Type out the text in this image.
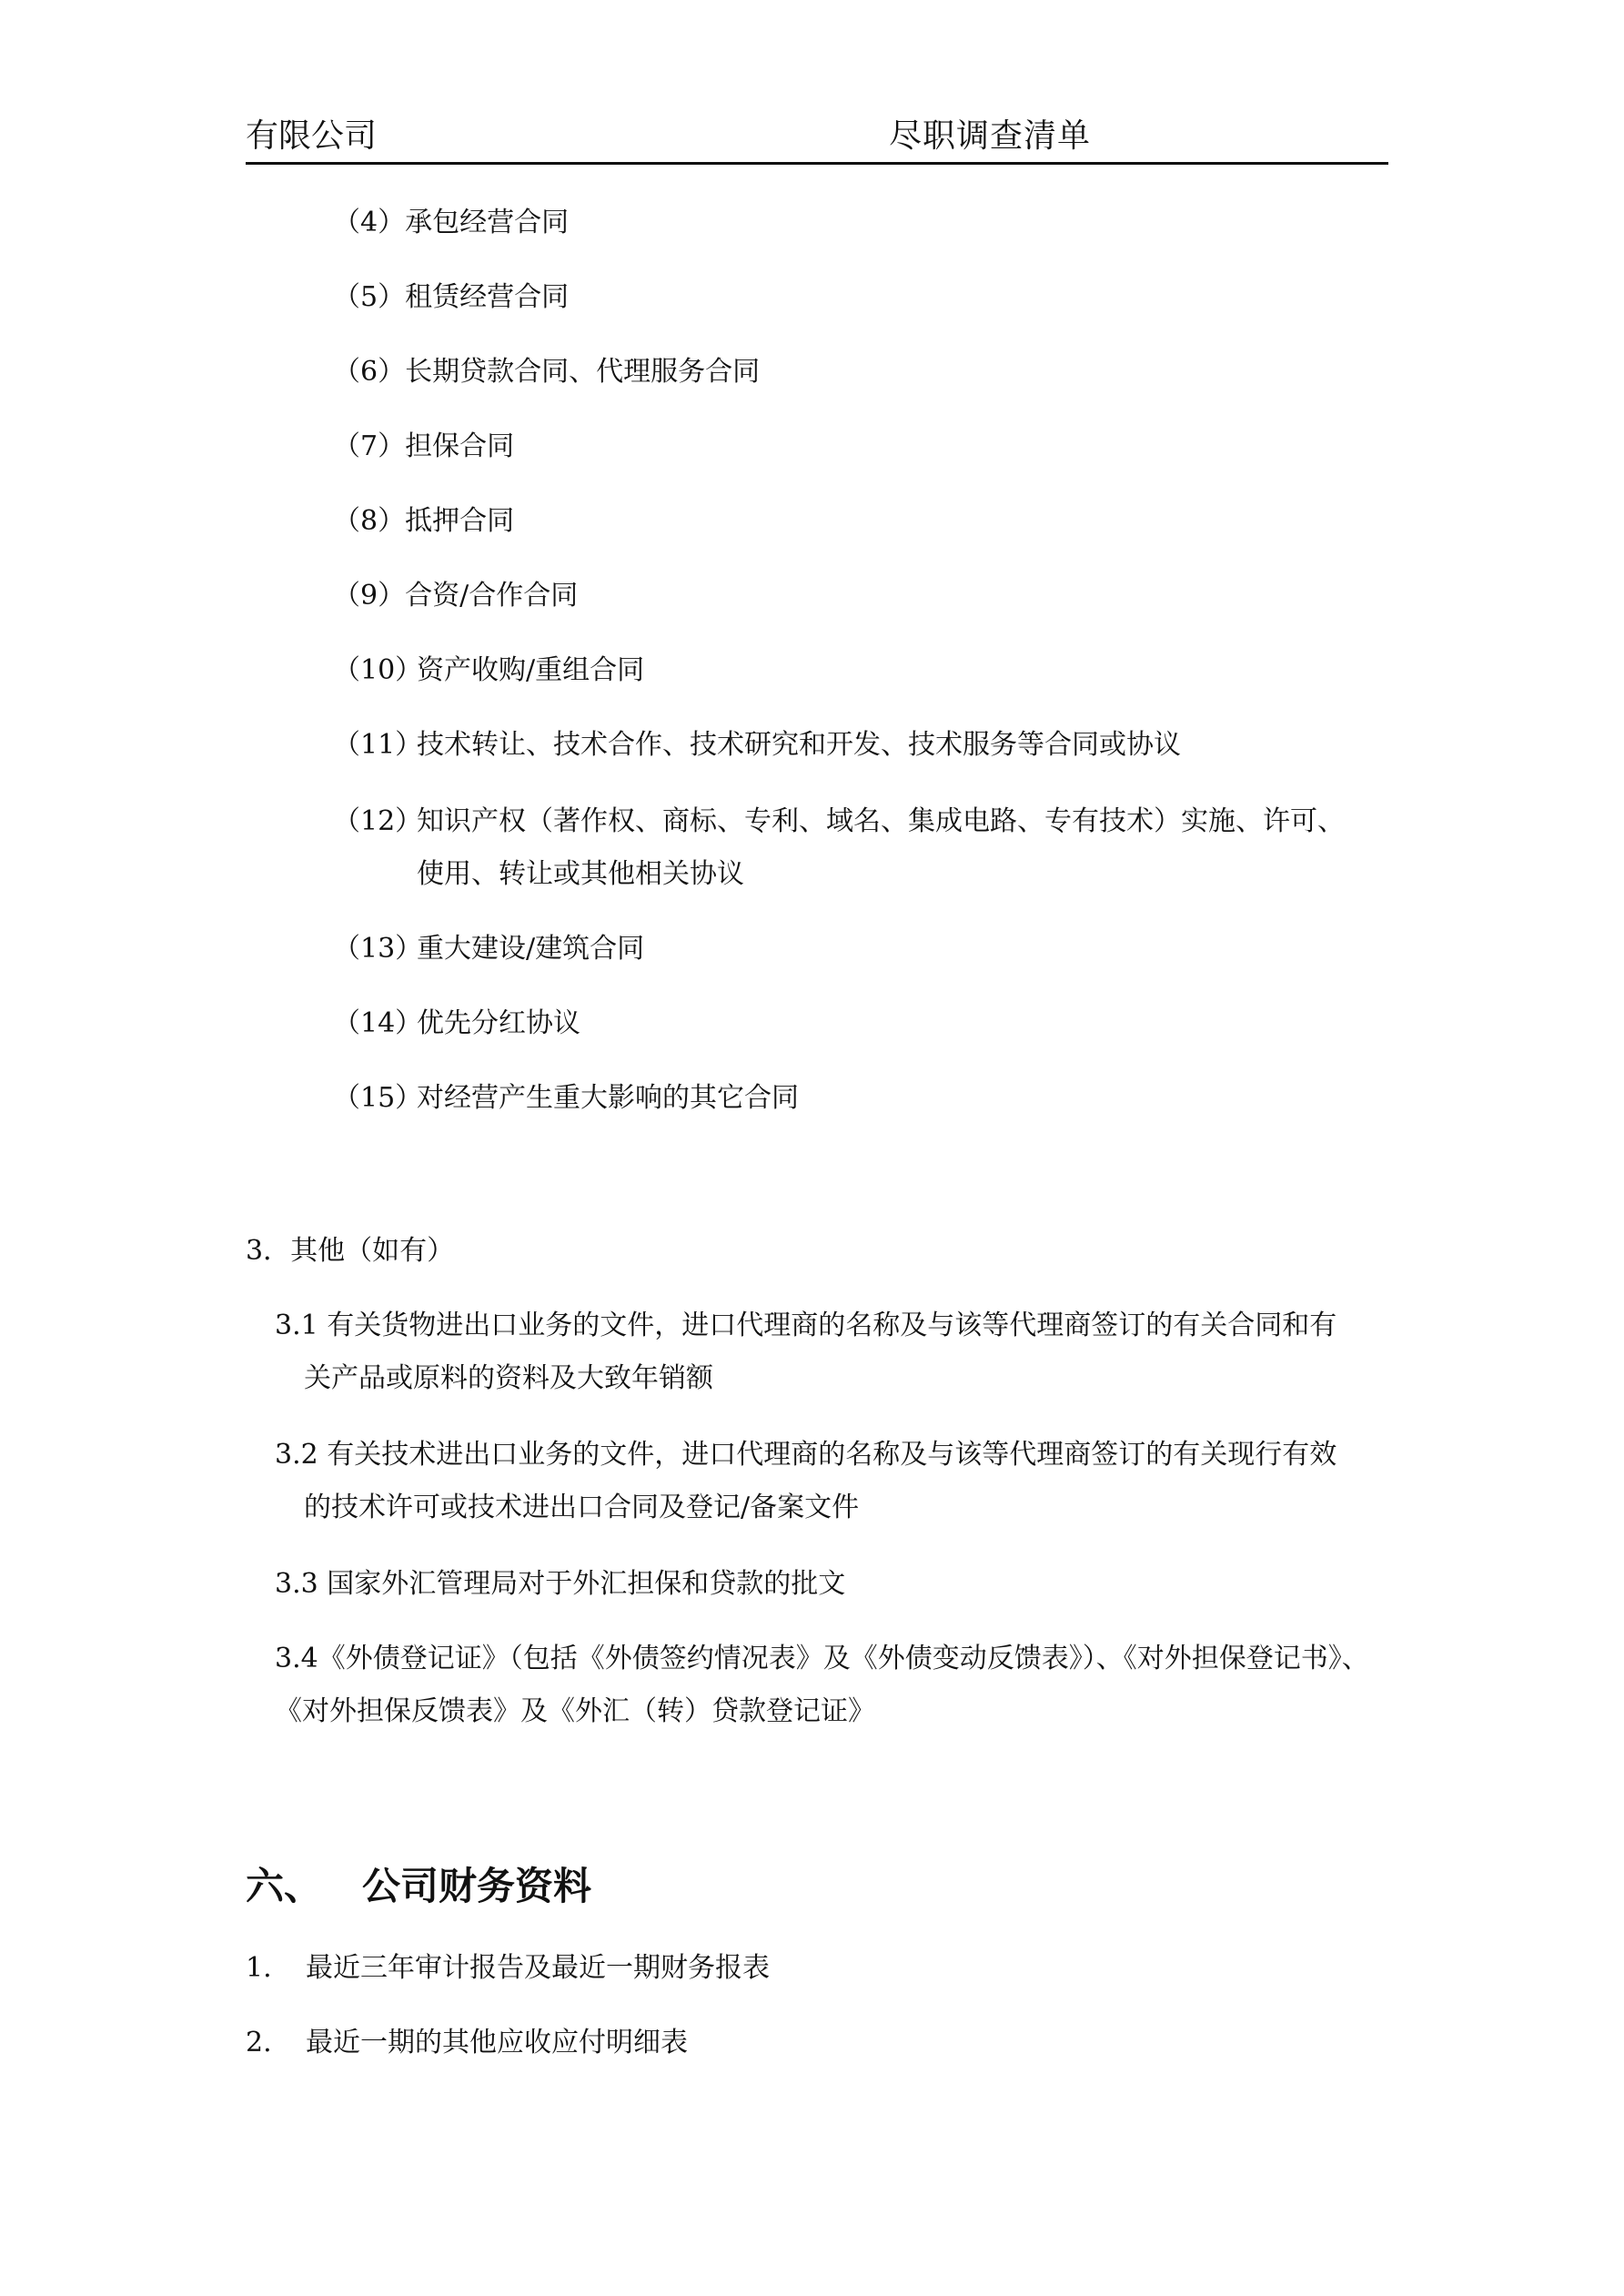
有限公司	尽职调查清单
（4）承包经营合同
（5）租赁经营合同
（6）长期贷款合同、代理服务合同
（7）担保合同
（8）抵押合同
（9）合资/合作合同
（10）资产收购/重组合同
（11）技术转让、技术合作、技术研究和开发、技术服务等合同或协议
（12）知识产权（著作权、商标、专利、域名、集成电路、专有技术）实施、许可、
使用、转让或其他相关协议
（13）重大建设/建筑合同
（14）优先分红协议
（15）对经营产生重大影响的其它合同
3．其他（如有）
3.1 有关货物进出口业务的文件，进口代理商的名称及与该等代理商签订的有关合同和有
关产品或原料的资料及大致年销额
3.2 有关技术进出口业务的文件，进口代理商的名称及与该等代理商签订的有关现行有效
的技术许可或技术进出口合同及登记/备案文件
3.3 国家外汇管理局对于外汇担保和贷款的批文
3.4《外债登记证》（包括《外债签约情况表》及《外债变动反馈表》）、《对外担保登记书》、
《对外担保反馈表》及《外汇（转）贷款登记证》
六、 公司财务资料
1. 最近三年审计报告及最近一期财务报表
2. 最近一期的其他应收应付明细表
